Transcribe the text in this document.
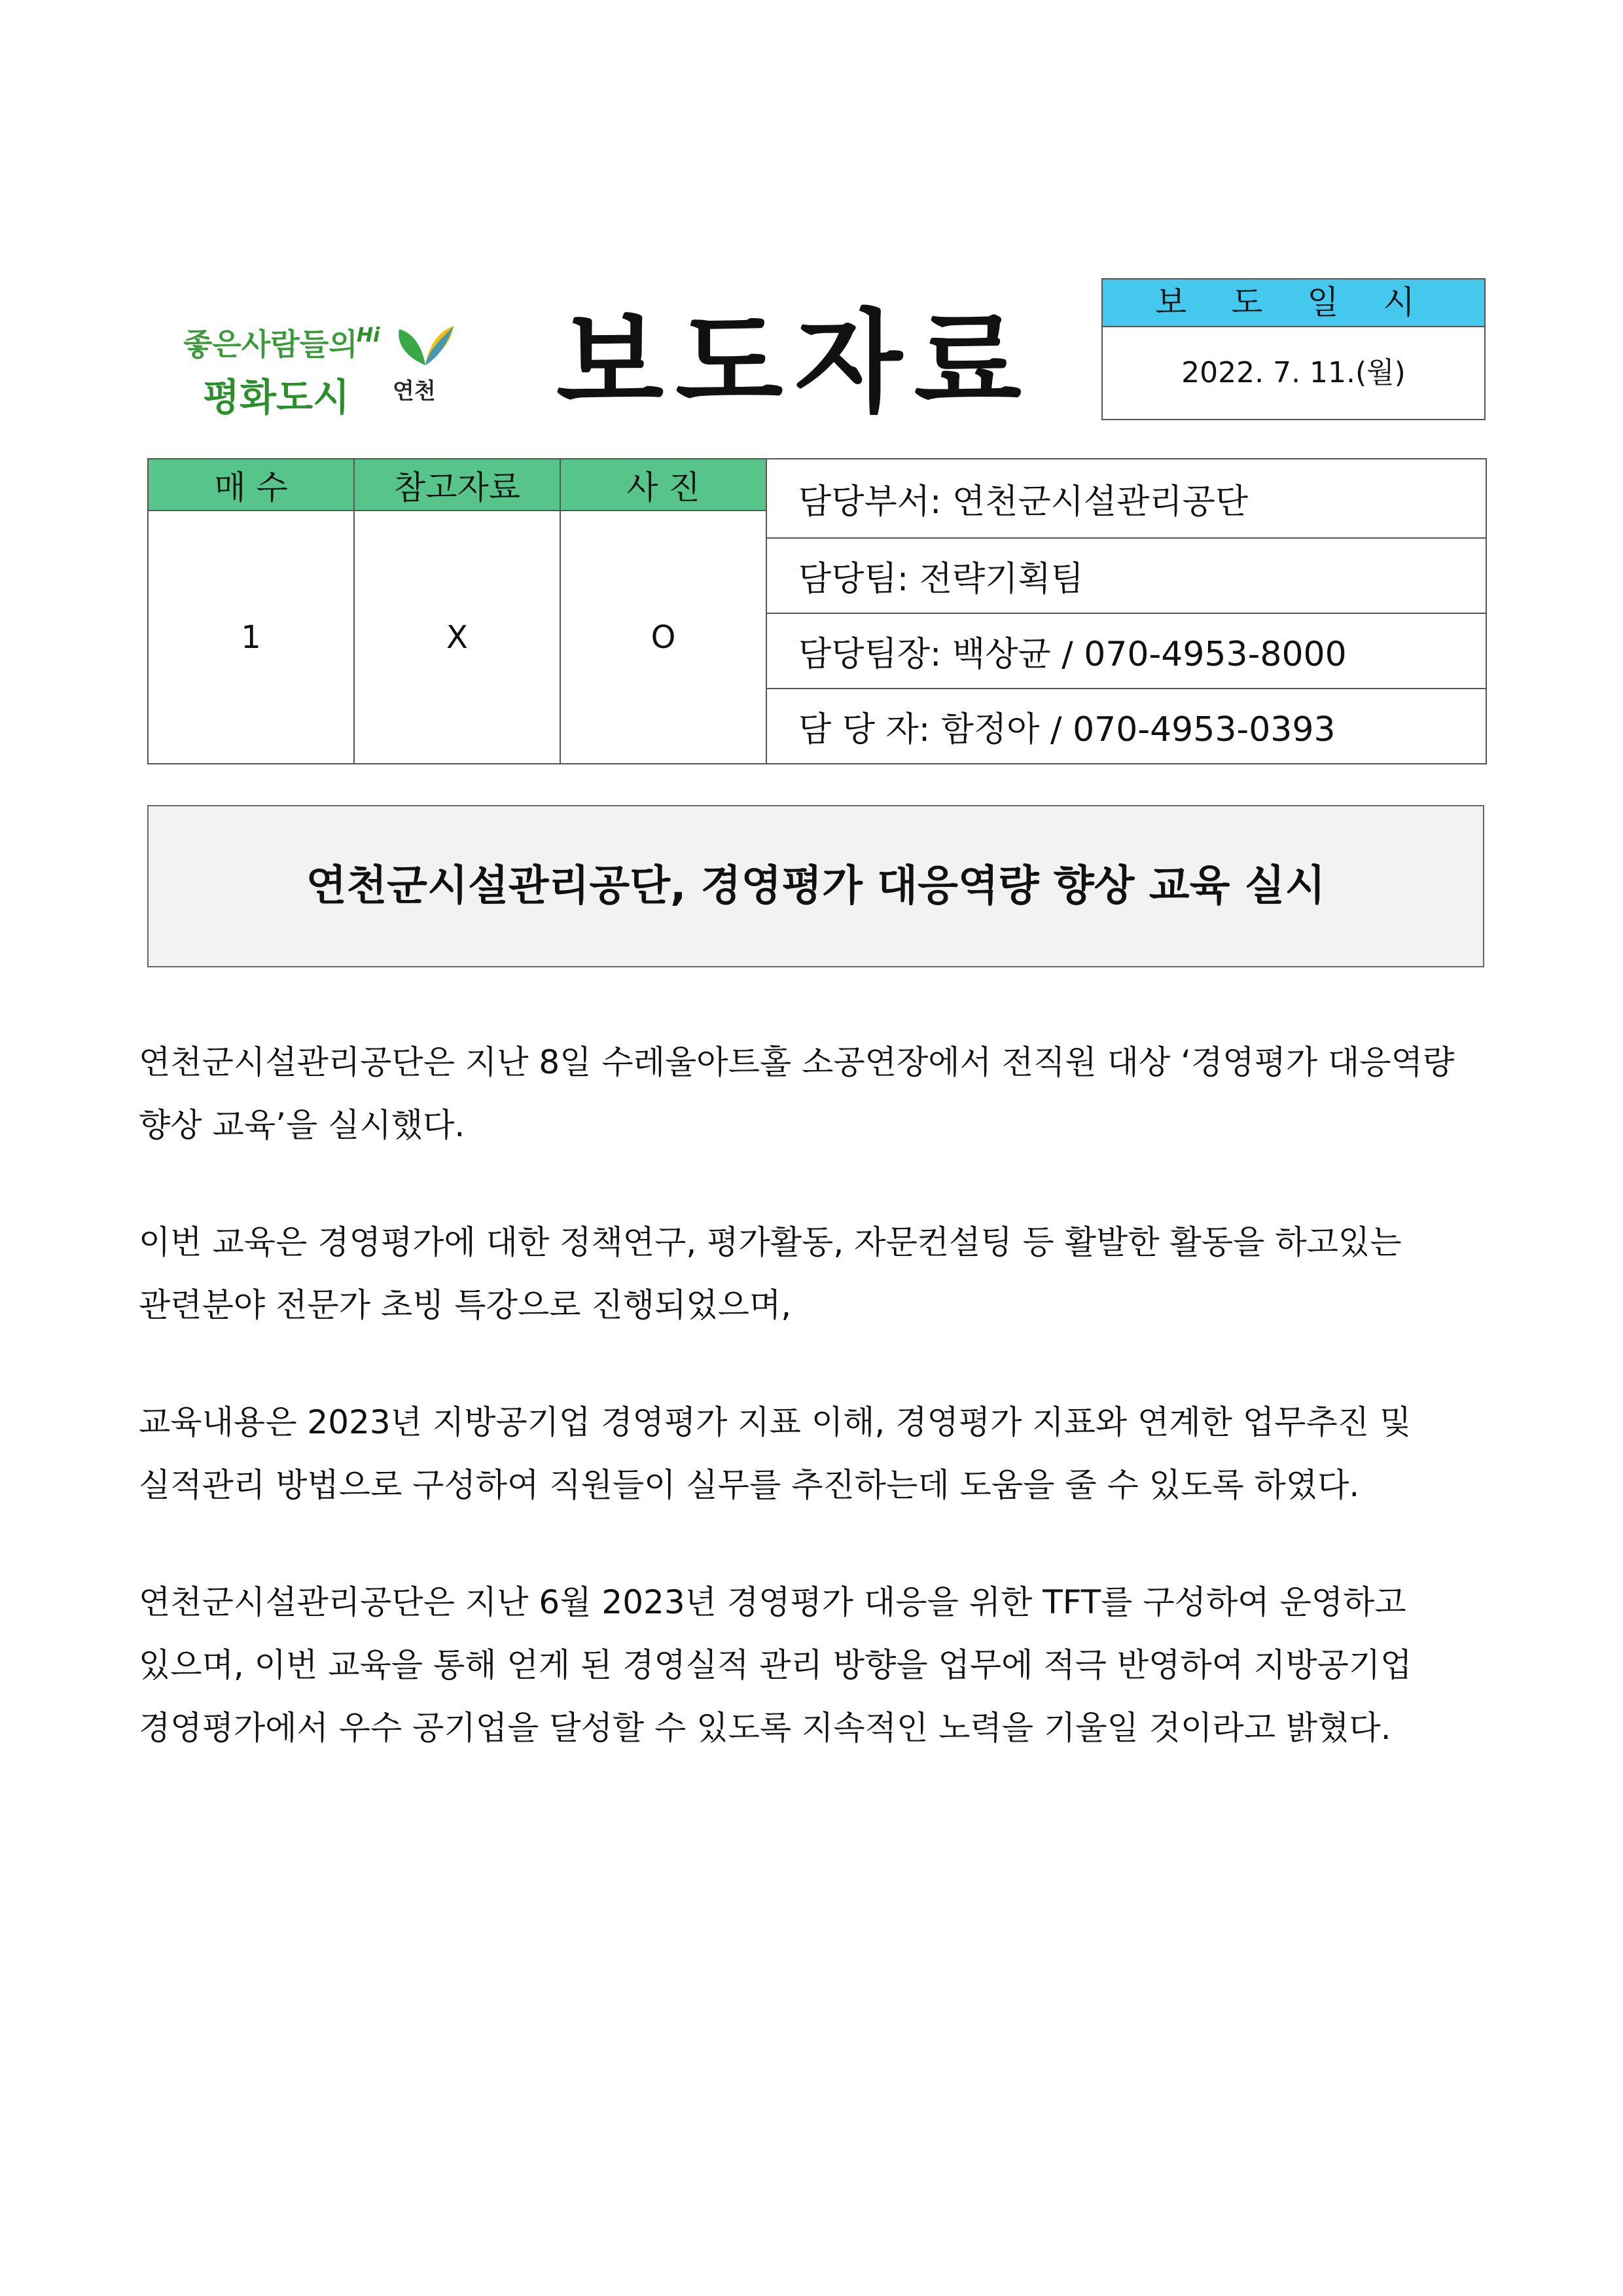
좋은사람들의
평화도시
Hi
연천 보도자료	보 도 일 시
2022. 7. 11.(월)
매 수	참고자료	사 진	담당부서: 연천군시설관리공단
1	X	O	
			담당팀: 전략기획팀
			담당팀장: 백상균 / 070-4953-8000
			담 당 자: 함정아 / 070-4953-0393
연천군시설관리공단, 경영평가 대응역량 향상 교육 실시

연천군시설관리공단은 지난 8일 수레울아트홀 소공연장에서 전직원 대상 ‘경영평가 대응역량
향상 교육’을 실시했다.

이번 교육은 경영평가에 대한 정책연구, 평가활동, 자문컨설팅 등 활발한 활동을 하고있는
관련분야 전문가 초빙 특강으로 진행되었으며,

교육내용은 2023년 지방공기업 경영평가 지표 이해, 경영평가 지표와 연계한 업무추진 및
실적관리 방법으로 구성하여 직원들이 실무를 추진하는데 도움을 줄 수 있도록 하였다.

연천군시설관리공단은 지난 6월 2023년 경영평가 대응을 위한 TFT를 구성하여 운영하고
있으며, 이번 교육을 통해 얻게 된 경영실적 관리 방향을 업무에 적극 반영하여 지방공기업
경영평가에서 우수 공기업을 달성할 수 있도록 지속적인 노력을 기울일 것이라고 밝혔다.
